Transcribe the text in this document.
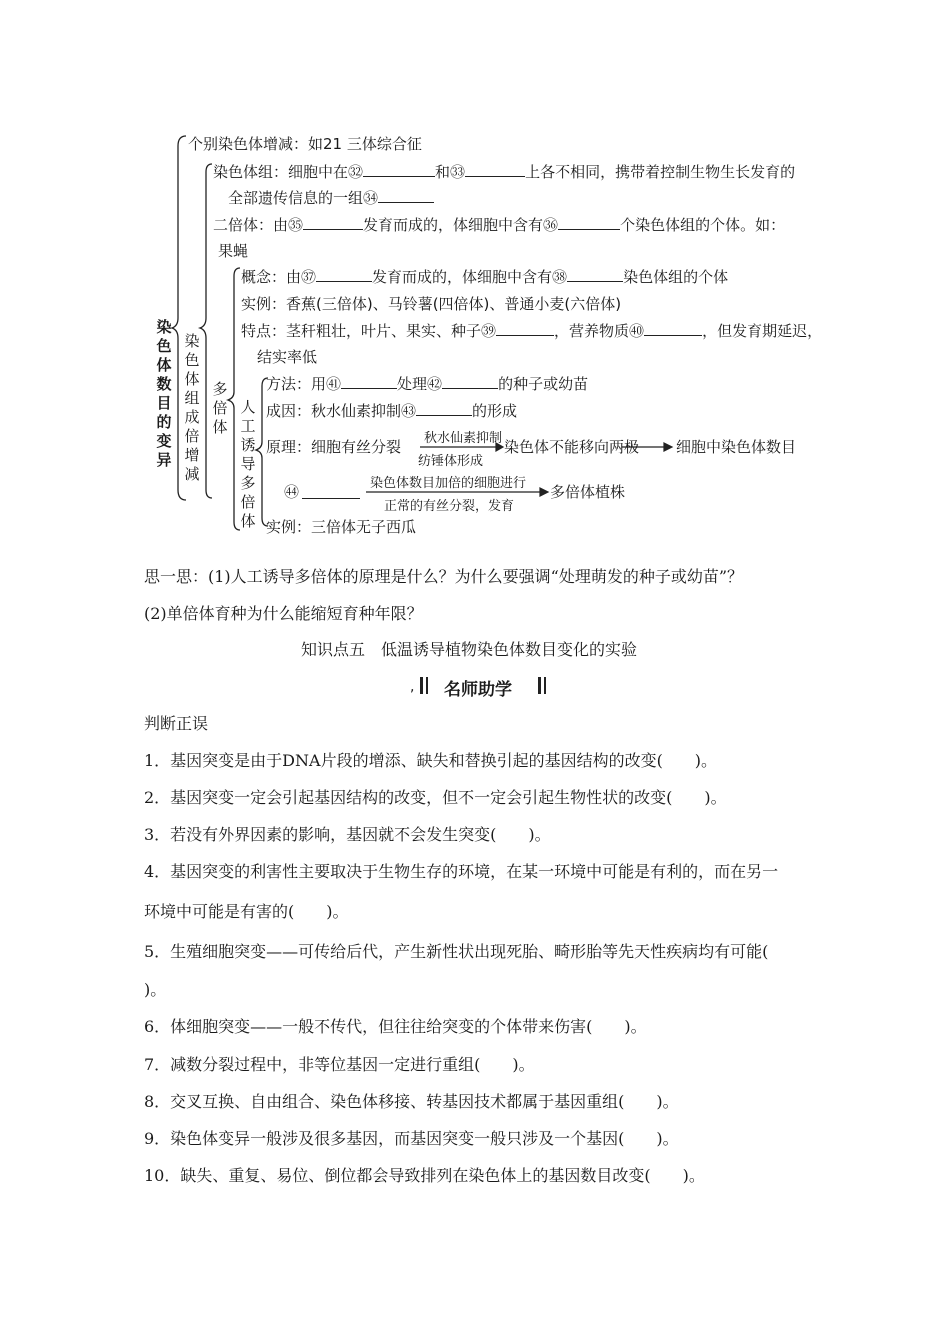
染色体数目的变异
染色体组成倍增减
多倍体
人工诱导多倍体
个别染色体增减：如21 三体综合征
染色体组：细胞中在㉜	和㉝	上各不相同，携带着控制生物生长发育的
全部遗传信息的一组㉞
二倍体：由㉟	发育而成的，体细胞中含有㊱	个染色体组的个体。如：
果蝇
概念：由㊲	发育而成的，体细胞中含有㊳	染色体组的个体
实例：香蕉(三倍体)、马铃薯(四倍体)、普通小麦(六倍体)
特点：茎秆粗壮，叶片、果实、种子㊴	，营养物质㊵	，但发育期延迟，
结实率低
方法：用㊶	处理㊷	的种子或幼苗
成因：秋水仙素抑制㊸	的形成
原理：细胞有丝分裂 秋水仙素抑制
纺锤体形成
染色体不能移向两极 细胞中染色体数目
㊹	染色体数目加倍的细胞进行
正常的有丝分裂，发育
多倍体植株
实例：三倍体无子西瓜
思一思：(1)人工诱导多倍体的原理是什么？为什么要强调“处理萌发的种子或幼苗”？
(2)单倍体育种为什么能缩短育种年限？
知识点五　低温诱导植物染色体数目变化的实验
, 名师助学
判断正误
1．基因突变是由于DNA片段的增添、缺失和替换引起的基因结构的改变(　　)。
2．基因突变一定会引起基因结构的改变，但不一定会引起生物性状的改变(　　)。
3．若没有外界因素的影响，基因就不会发生突变(　　)。
4．基因突变的利害性主要取决于生物生存的环境，在某一环境中可能是有利的，而在另一
环境中可能是有害的(　　)。
5．生殖细胞突变——可传给后代，产生新性状出现死胎、畸形胎等先天性疾病均有可能(
)。
6．体细胞突变——一般不传代，但往往给突变的个体带来伤害(　　)。
7．减数分裂过程中，非等位基因一定进行重组(　　)。
8．交叉互换、自由组合、染色体移接、转基因技术都属于基因重组(　　)。
9．染色体变异一般涉及很多基因，而基因突变一般只涉及一个基因(　　)。
10．缺失、重复、易位、倒位都会导致排列在染色体上的基因数目改变(　　)。
